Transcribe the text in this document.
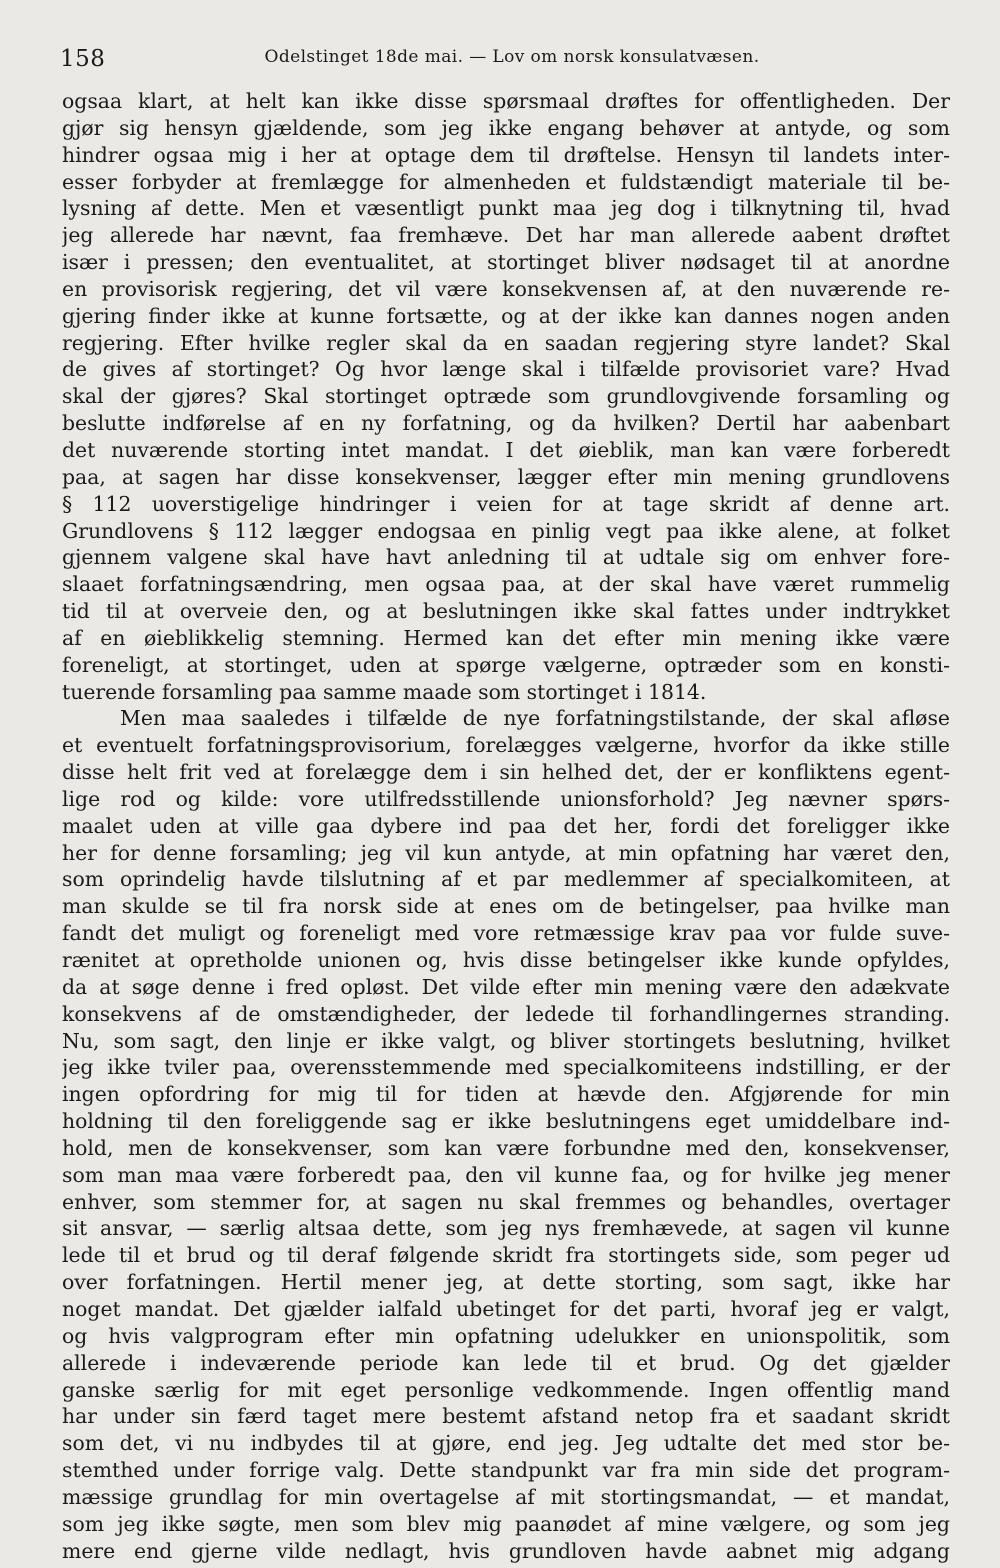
158	Odelstinget 18de mai. — Lov om norsk konsulatvæsen.
ogsaa klart, at helt kan ikke disse spørsmaal drøftes for offentligheden. Der
gjør sig hensyn gjældende, som jeg ikke engang behøver at antyde, og som
hindrer ogsaa mig i her at optage dem til drøftelse. Hensyn til landets inter-
esser forbyder at fremlægge for almenheden et fuldstændigt materiale til be-
lysning af dette. Men et væsentligt punkt maa jeg dog i tilknytning til, hvad
jeg allerede har nævnt, faa fremhæve. Det har man allerede aabent drøftet
især i pressen; den eventualitet, at stortinget bliver nødsaget til at anordne
en provisorisk regjering, det vil være konsekvensen af, at den nuværende re-
gjering finder ikke at kunne fortsætte, og at der ikke kan dannes nogen anden
regjering. Efter hvilke regler skal da en saadan regjering styre landet? Skal
de gives af stortinget? Og hvor længe skal i tilfælde provisoriet vare? Hvad
skal der gjøres? Skal stortinget optræde som grundlovgivende forsamling og
beslutte indførelse af en ny forfatning, og da hvilken? Dertil har aabenbart
det nuværende storting intet mandat. I det øieblik, man kan være forberedt
paa, at sagen har disse konsekvenser, lægger efter min mening grundlovens
§ 112 uoverstigelige hindringer i veien for at tage skridt af denne art.
Grundlovens § 112 lægger endogsaa en pinlig vegt paa ikke alene, at folket
gjennem valgene skal have havt anledning til at udtale sig om enhver fore-
slaaet forfatningsændring, men ogsaa paa, at der skal have været rummelig
tid til at overveie den, og at beslutningen ikke skal fattes under indtrykket
af en øieblikkelig stemning. Hermed kan det efter min mening ikke være
foreneligt, at stortinget, uden at spørge vælgerne, optræder som en konsti-
tuerende forsamling paa samme maade som stortinget i 1814.
Men maa saaledes i tilfælde de nye forfatningstilstande, der skal afløse
et eventuelt forfatningsprovisorium, forelægges vælgerne, hvorfor da ikke stille
disse helt frit ved at forelægge dem i sin helhed det, der er konfliktens egent-
lige rod og kilde: vore utilfredsstillende unionsforhold? Jeg nævner spørs-
maalet uden at ville gaa dybere ind paa det her, fordi det foreligger ikke
her for denne forsamling; jeg vil kun antyde, at min opfatning har været den,
som oprindelig havde tilslutning af et par medlemmer af specialkomiteen, at
man skulde se til fra norsk side at enes om de betingelser, paa hvilke man
fandt det muligt og foreneligt med vore retmæssige krav paa vor fulde suve-
rænitet at opretholde unionen og, hvis disse betingelser ikke kunde opfyldes,
da at søge denne i fred opløst. Det vilde efter min mening være den adækvate
konsekvens af de omstændigheder, der ledede til forhandlingernes stranding.
Nu, som sagt, den linje er ikke valgt, og bliver stortingets beslutning, hvilket
jeg ikke tviler paa, overensstemmende med specialkomiteens indstilling, er der
ingen opfordring for mig til for tiden at hævde den. Afgjørende for min
holdning til den foreliggende sag er ikke beslutningens eget umiddelbare ind-
hold, men de konsekvenser, som kan være forbundne med den, konsekvenser,
som man maa være forberedt paa, den vil kunne faa, og for hvilke jeg mener
enhver, som stemmer for, at sagen nu skal fremmes og behandles, overtager
sit ansvar, — særlig altsaa dette, som jeg nys fremhævede, at sagen vil kunne
lede til et brud og til deraf følgende skridt fra stortingets side, som peger ud
over forfatningen. Hertil mener jeg, at dette storting, som sagt, ikke har
noget mandat. Det gjælder ialfald ubetinget for det parti, hvoraf jeg er valgt,
og hvis valgprogram efter min opfatning udelukker en unionspolitik, som
allerede i indeværende periode kan lede til et brud. Og det gjælder
ganske særlig for mit eget personlige vedkommende. Ingen offentlig mand
har under sin færd taget mere bestemt afstand netop fra et saadant skridt
som det, vi nu indbydes til at gjøre, end jeg. Jeg udtalte det med stor be-
stemthed under forrige valg. Dette standpunkt var fra min side det program-
mæssige grundlag for min overtagelse af mit stortingsmandat, — et mandat,
som jeg ikke søgte, men som blev mig paanødet af mine vælgere, og som jeg
mere end gjerne vilde nedlagt, hvis grundloven havde aabnet mig adgang
